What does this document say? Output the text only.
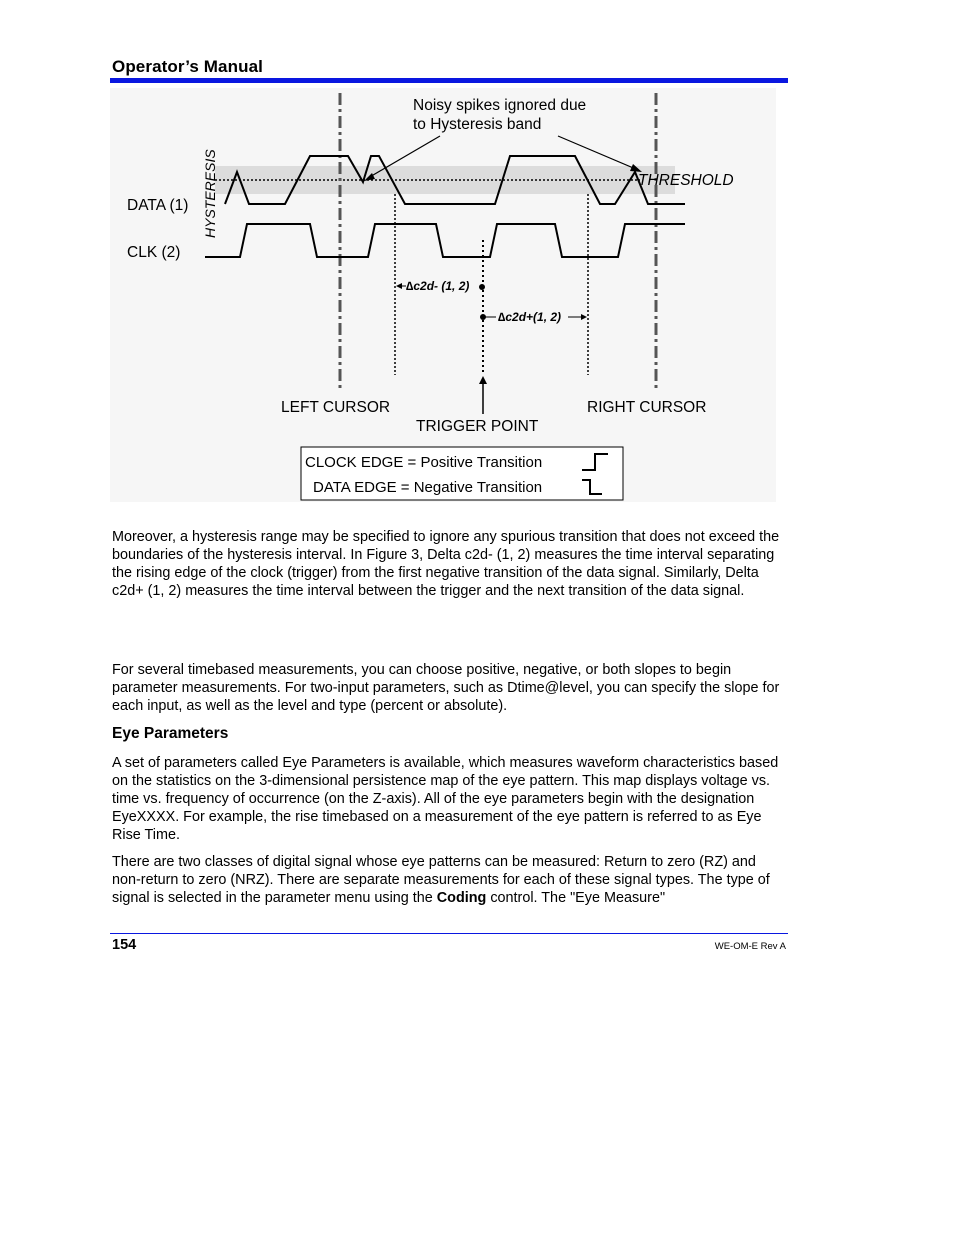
Operator’s Manual
Noisy spikes ignored due
to Hysteresis band
HYSTERESIS	THRESHOLD
DATA (1)
CLK (2)
∆c2d- (1, 2)
∆c2d+(1, 2)
LEFT CURSOR
TRIGGER POINT
RIGHT CURSOR
CLOCK EDGE = Positive Transition
DATA EDGE = Negative Transition

Moreover, a hysteresis range may be specified to ignore any spurious transition that does not exceed the boundaries of the hysteresis interval. In Figure 3, Delta c2d- (1, 2) measures the time interval separating the rising edge of the clock (trigger) from the first negative transition of the data signal. Similarly, Delta c2d+ (1, 2) measures the time interval between the trigger and the next transition of the data signal.

For several timebased measurements, you can choose positive, negative, or both slopes to begin parameter measurements. For two-input parameters, such as Dtime@level, you can specify the slope for each input, as well as the level and type (percent or absolute).

Eye Parameters

A set of parameters called Eye Parameters is available, which measures waveform characteristics based on the statistics on the 3-dimensional persistence map of the eye pattern. This map displays voltage vs. time vs. frequency of occurrence (on the Z-axis). All of the eye parameters begin with the designation EyeXXXX. For example, the rise timebased on a measurement of the eye pattern is referred to as Eye Rise Time.

There are two classes of digital signal whose eye patterns can be measured: Return to zero (RZ) and non-return to zero (NRZ). There are separate measurements for each of these signal types. The type of signal is selected in the parameter menu using the Coding control. The "Eye Measure"

154	WE-OM-E Rev A
